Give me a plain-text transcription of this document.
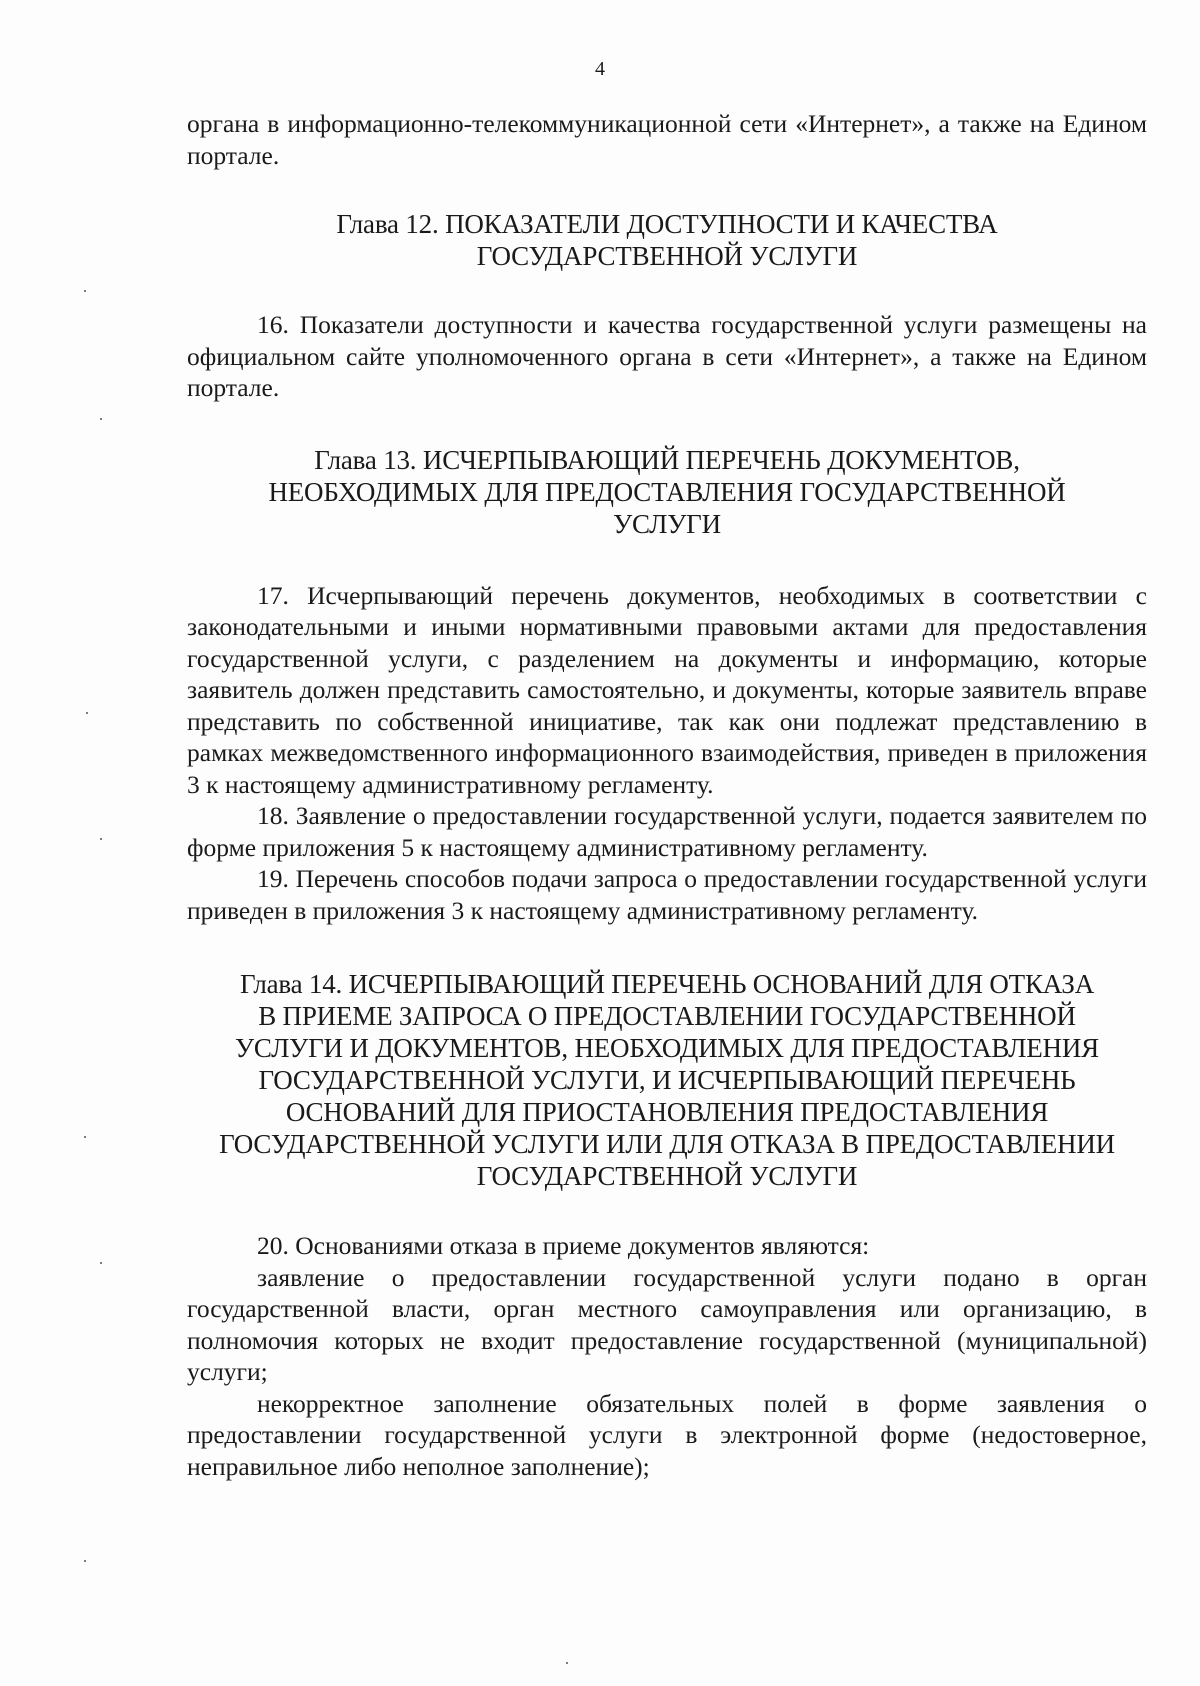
4

органа в информационно-телекоммуникационной сети «Интернет», а также на Едином портале.

Глава 12. ПОКАЗАТЕЛИ ДОСТУПНОСТИ И КАЧЕСТВА
ГОСУДАРСТВЕННОЙ УСЛУГИ

16. Показатели доступности и качества государственной услуги размещены на официальном сайте уполномоченного органа в сети «Интернет», а также на Едином портале.

Глава 13. ИСЧЕРПЫВАЮЩИЙ ПЕРЕЧЕНЬ ДОКУМЕНТОВ,
НЕОБХОДИМЫХ ДЛЯ ПРЕДОСТАВЛЕНИЯ ГОСУДАРСТВЕННОЙ
УСЛУГИ

17. Исчерпывающий перечень документов, необходимых в соответствии с законодательными и иными нормативными правовыми актами для предоставления государственной услуги, с разделением на документы и информацию, которые заявитель должен представить самостоятельно, и документы, которые заявитель вправе представить по собственной инициативе, так как они подлежат представлению в рамках межведомственного информационного взаимодействия, приведен в приложения 3 к настоящему административному регламенту.

18. Заявление о предоставлении государственной услуги, подается заявителем по форме приложения 5 к настоящему административному регламенту.

19. Перечень способов подачи запроса о предоставлении государственной услуги приведен в приложения 3 к настоящему административному регламенту.

Глава 14. ИСЧЕРПЫВАЮЩИЙ ПЕРЕЧЕНЬ ОСНОВАНИЙ ДЛЯ ОТКАЗА
В ПРИЕМЕ ЗАПРОСА О ПРЕДОСТАВЛЕНИИ ГОСУДАРСТВЕННОЙ
УСЛУГИ И ДОКУМЕНТОВ, НЕОБХОДИМЫХ ДЛЯ ПРЕДОСТАВЛЕНИЯ
ГОСУДАРСТВЕННОЙ УСЛУГИ, И ИСЧЕРПЫВАЮЩИЙ ПЕРЕЧЕНЬ
ОСНОВАНИЙ ДЛЯ ПРИОСТАНОВЛЕНИЯ ПРЕДОСТАВЛЕНИЯ
ГОСУДАРСТВЕННОЙ УСЛУГИ ИЛИ ДЛЯ ОТКАЗА В ПРЕДОСТАВЛЕНИИ
ГОСУДАРСТВЕННОЙ УСЛУГИ

20. Основаниями отказа в приеме документов являются:

заявление о предоставлении государственной услуги подано в орган государственной власти, орган местного самоуправления или организацию, в полномочия которых не входит предоставление государственной (муниципальной) услуги;

некорректное заполнение обязательных полей в форме заявления о предоставлении государственной услуги в электронной форме (недостоверное, неправильное либо неполное заполнение);
